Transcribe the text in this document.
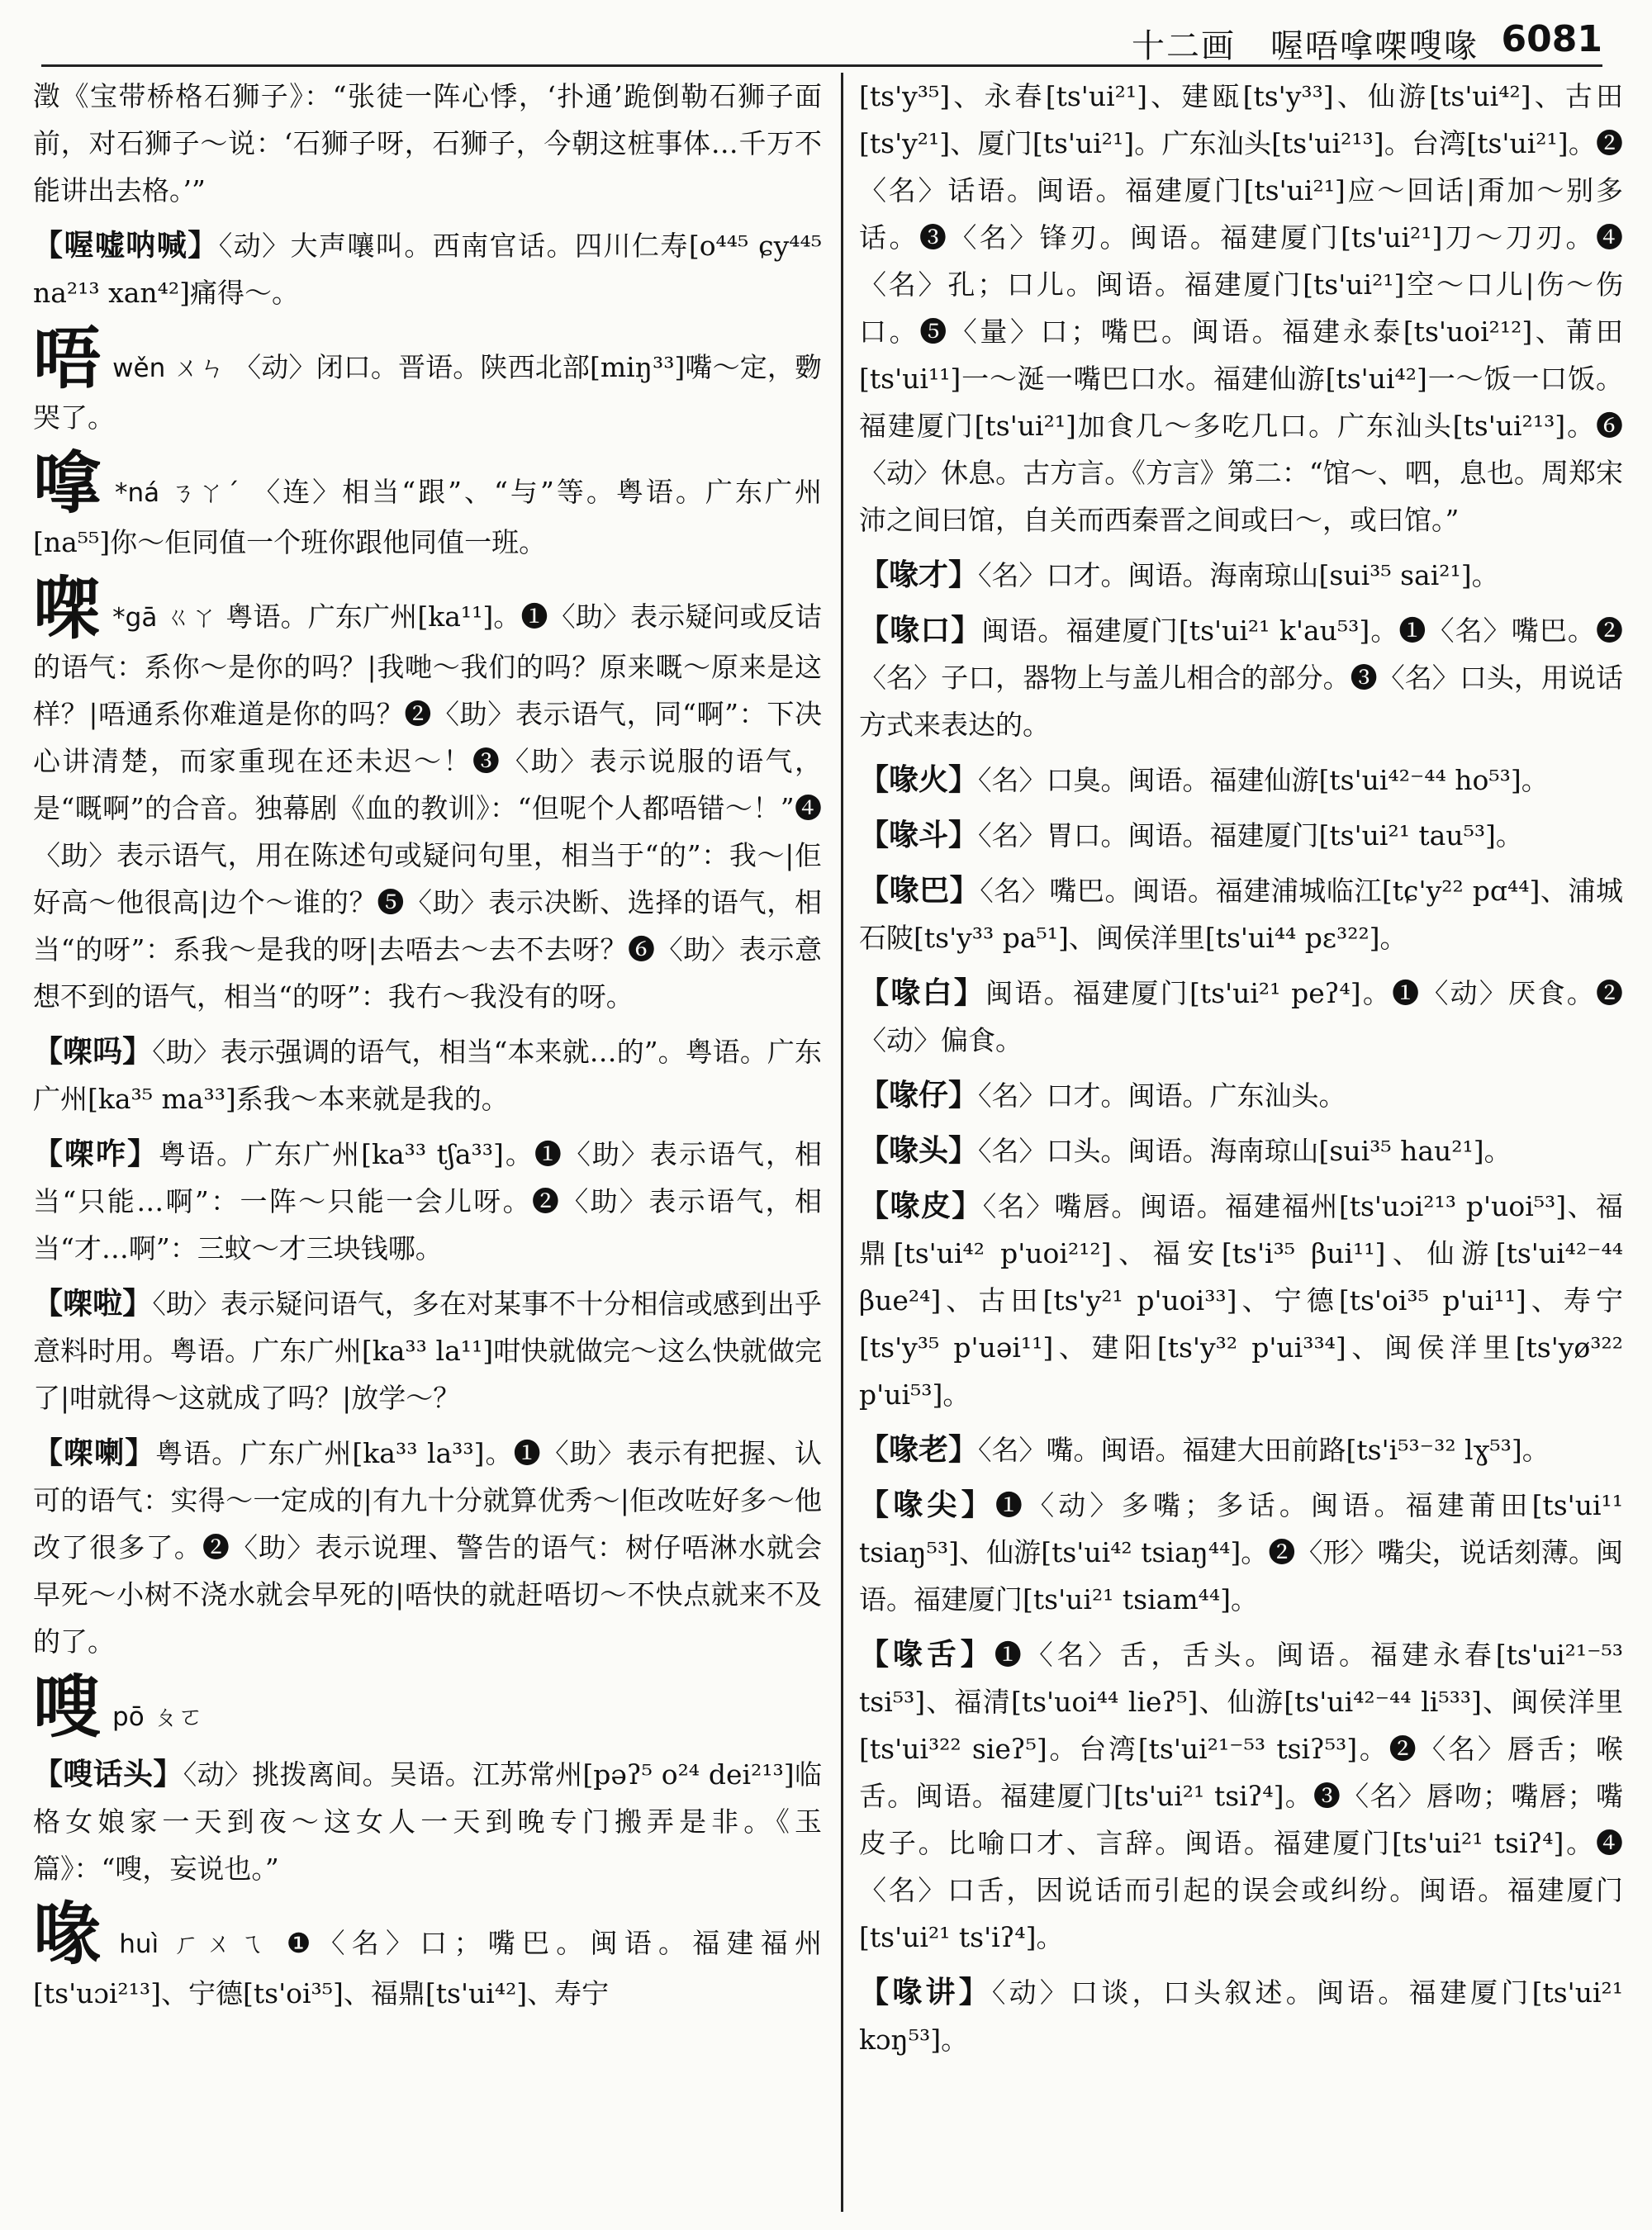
十二画　喔唔嗱㗎嗖喙 6081
澂《宝带桥格石狮子》：“张徒一阵心悸，‘扑通’跪倒勒石狮子面前，对石狮子～说：‘石狮子呀，石狮子，今朝这桩事体…千万不能讲出去格。’”
【喔嘘呐喊】〈动〉大声嚷叫。西南官话。四川仁寿[o⁴⁴⁵ ɕy⁴⁴⁵ na²¹³ xan⁴²]痛得～。
唔wěn ㄨㄣ 〈动〉闭口。晋语。陕西北部[miŋ³³]嘴～定，覅哭了。
嗱 *ná ㄋㄚˊ 〈连〉相当“跟”、“与”等。粤语。广东广州[na⁵⁵]你～佢同值一个班你跟他同值一班。
㗎 *gā ㄍㄚ 粤语。广东广州[ka¹¹]。❶〈助〉表示疑问或反诘的语气：系你～是你的吗？|我哋～我们的吗？原来嘅～原来是这样？|唔通系你难道是你的吗？❷〈助〉表示语气，同“啊”：下决心讲清楚，而家重现在还未迟～！❸〈助〉表示说服的语气，是“嘅啊”的合音。独幕剧《血的教训》：“但呢个人都唔错～！”❹〈助〉表示语气，用在陈述句或疑问句里，相当于“的”：我～|佢好高～他很高|边个～谁的？❺〈助〉表示决断、选择的语气，相当“的呀”：系我～是我的呀|去唔去～去不去呀？❻〈助〉表示意想不到的语气，相当“的呀”：我冇～我没有的呀。
【㗎吗】〈助〉表示强调的语气，相当“本来就…的”。粤语。广东广州[ka³⁵ ma³³]系我～本来就是我的。
【㗎咋】粤语。广东广州[ka³³ tʃa³³]。❶〈助〉表示语气，相当“只能…啊”：一阵～只能一会儿呀。❷〈助〉表示语气，相当“才…啊”：三蚊～才三块钱哪。
【㗎啦】〈助〉表示疑问语气，多在对某事不十分相信或感到出乎意料时用。粤语。广东广州[ka³³ la¹¹]咁快就做完～这么快就做完了|咁就得～这就成了吗？|放学～？
【㗎喇】粤语。广东广州[ka³³ la³³]。❶〈助〉表示有把握、认可的语气：实得～一定成的|有九十分就算优秀～|佢改咗好多～他改了很多了。❷〈助〉表示说理、警告的语气：树仔唔淋水就会早死～小树不浇水就会早死的|唔快的就赶唔切～不快点就来不及的了。
嗖pō ㄆㄛ
【嗖话头】〈动〉挑拨离间。吴语。江苏常州[pəʔ⁵ o²⁴ dei²¹³]临格女娘家一天到夜～这女人一天到晚专门搬弄是非。《玉篇》：“嗖，妄说也。”
喙huì ㄏㄨㄟ ❶〈名〉口；嘴巴。闽语。福建福州[ts'uɔi²¹³]、宁德[ts'oi³⁵]、福鼎[ts'ui⁴²]、寿宁
[ts'y³⁵]、永春[ts'ui²¹]、建瓯[ts'y³³]、仙游[ts'ui⁴²]、古田[ts'y²¹]、厦门[ts'ui²¹]。广东汕头[ts'ui²¹³]。台湾[ts'ui²¹]。❷〈名〉话语。闽语。福建厦门[ts'ui²¹]应～回话|甭加～别多话。❸〈名〉锋刃。闽语。福建厦门[ts'ui²¹]刀～刀刃。❹〈名〉孔；口儿。闽语。福建厦门[ts'ui²¹]空～口儿|伤～伤口。❺〈量〉口；嘴巴。闽语。福建永泰[ts'uoi²¹²]、莆田[ts'ui¹¹]一～涎一嘴巴口水。福建仙游[ts'ui⁴²]一～饭一口饭。福建厦门[ts'ui²¹]加食几～多吃几口。广东汕头[ts'ui²¹³]。❻〈动〉休息。古方言。《方言》第二：“馆～、呬，息也。周郑宋沛之间曰馆，自关而西秦晋之间或曰～，或曰馆。”
【喙才】〈名〉口才。闽语。海南琼山[sui³⁵ sai²¹]。
【喙口】闽语。福建厦门[ts'ui²¹ k'au⁵³]。❶〈名〉嘴巴。❷〈名〉子口，器物上与盖儿相合的部分。❸〈名〉口头，用说话方式来表达的。
【喙火】〈名〉口臭。闽语。福建仙游[ts'ui⁴²⁻⁴⁴ ho⁵³]。
【喙斗】〈名〉胃口。闽语。福建厦门[ts'ui²¹ tau⁵³]。
【喙巴】〈名〉嘴巴。闽语。福建浦城临江[tɕ'y²² pɑ⁴⁴]、浦城石陂[ts'y³³ pa⁵¹]、闽侯洋里[ts'ui⁴⁴ pɛ³²²]。
【喙白】闽语。福建厦门[ts'ui²¹ peʔ⁴]。❶〈动〉厌食。❷〈动〉偏食。
【喙仔】〈名〉口才。闽语。广东汕头。
【喙头】〈名〉口头。闽语。海南琼山[sui³⁵ hau²¹]。
【喙皮】〈名〉嘴唇。闽语。福建福州[ts'uɔi²¹³ p'uoi⁵³]、福鼎[ts'ui⁴² p'uoi²¹²]、福安[ts'i³⁵ βui¹¹]、仙游[ts'ui⁴²⁻⁴⁴ βue²⁴]、古田[ts'y²¹ p'uoi³³]、宁德[ts'oi³⁵ p'ui¹¹]、寿宁[ts'y³⁵ p'uəi¹¹]、建阳[ts'y³² p'ui³³⁴]、闽侯洋里[ts'yø³²² p'ui⁵³]。
【喙老】〈名〉嘴。闽语。福建大田前路[ts'i⁵³⁻³² lɣ⁵³]。
【喙尖】❶〈动〉多嘴；多话。闽语。福建莆田[ts'ui¹¹ tsiaŋ⁵³]、仙游[ts'ui⁴² tsiaŋ⁴⁴]。❷〈形〉嘴尖，说话刻薄。闽语。福建厦门[ts'ui²¹ tsiam⁴⁴]。
【喙舌】❶〈名〉舌，舌头。闽语。福建永春[ts'ui²¹⁻⁵³ tsi⁵³]、福清[ts'uoi⁴⁴ lieʔ⁵]、仙游[ts'ui⁴²⁻⁴⁴ li⁵³³]、闽侯洋里[ts'ui³²² sieʔ⁵]。台湾[ts'ui²¹⁻⁵³ tsiʔ⁵³]。❷〈名〉唇舌；喉舌。闽语。福建厦门[ts'ui²¹ tsiʔ⁴]。❸〈名〉唇吻；嘴唇；嘴皮子。比喻口才、言辞。闽语。福建厦门[ts'ui²¹ tsiʔ⁴]。❹〈名〉口舌，因说话而引起的误会或纠纷。闽语。福建厦门[ts'ui²¹ ts'iʔ⁴]。
【喙讲】〈动〉口谈，口头叙述。闽语。福建厦门[ts'ui²¹ kɔŋ⁵³]。
